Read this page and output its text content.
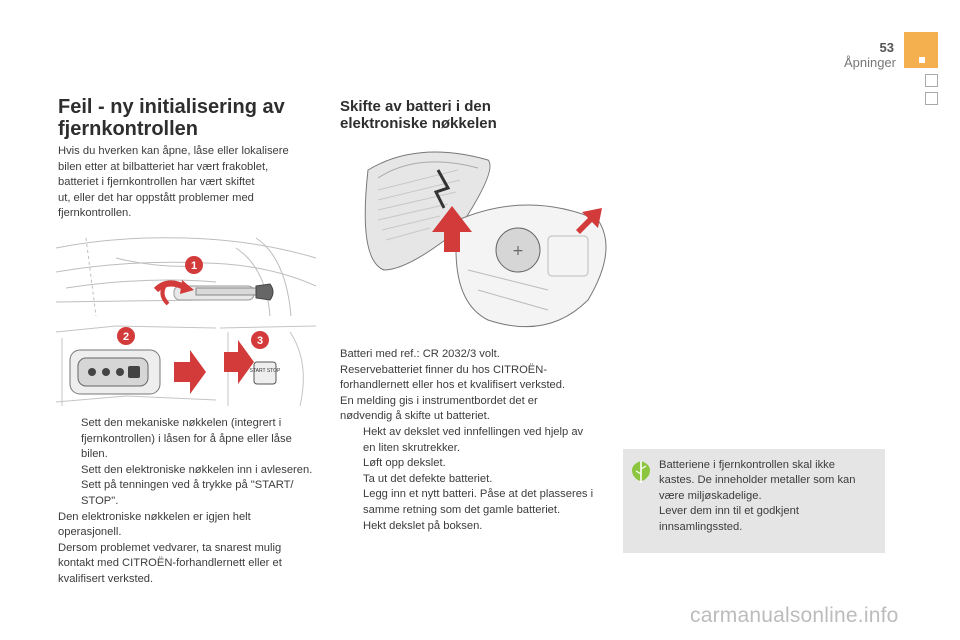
53
Åpninger
Feil - ny initialisering av fjernkontrollen

Hvis du hverken kan åpne, låse eller lokalisere

bilen etter at bilbatteriet har vært frakoblet,

batteriet i fjernkontrollen har vært skiftet

ut, eller det har oppstått problemer med

fjernkontrollen.

1
2
START STOP
3
Sett den mekaniske nøkkelen (integrert i fjernkontrollen) i låsen for å åpne eller låse bilen.
Sett den elektroniske nøkkelen inn i avleseren.
Sett på tenningen ved å trykke på "START/ STOP".

Den elektroniske nøkkelen er igjen helt

operasjonell.

Dersom problemet vedvarer, ta snarest mulig

kontakt med CITROËN-forhandlernett eller et

kvalifisert verksted.

Skifte av batteri i den elektroniske nøkkelen
+

Batteri med ref.: CR 2032/3 volt.

Reservebatteriet finner du hos CITROËN-

forhandlernett eller hos et kvalifisert verksted.

En melding gis i instrumentbordet det er

nødvendig å skifte ut batteriet.

Hekt av dekslet ved innfellingen ved hjelp av en liten skrutrekker.
Løft opp dekslet.
Ta ut det defekte batteriet.
Legg inn et nytt batteri. Påse at det plasseres i samme retning som det gamle batteriet.
Hekt dekslet på boksen.
Batteriene i fjernkontrollen skal ikke
kastes. De inneholder metaller som kan
være miljøskadelige.
Lever dem inn til et godkjent
innsamlingssted.
carmanualsonline.info
